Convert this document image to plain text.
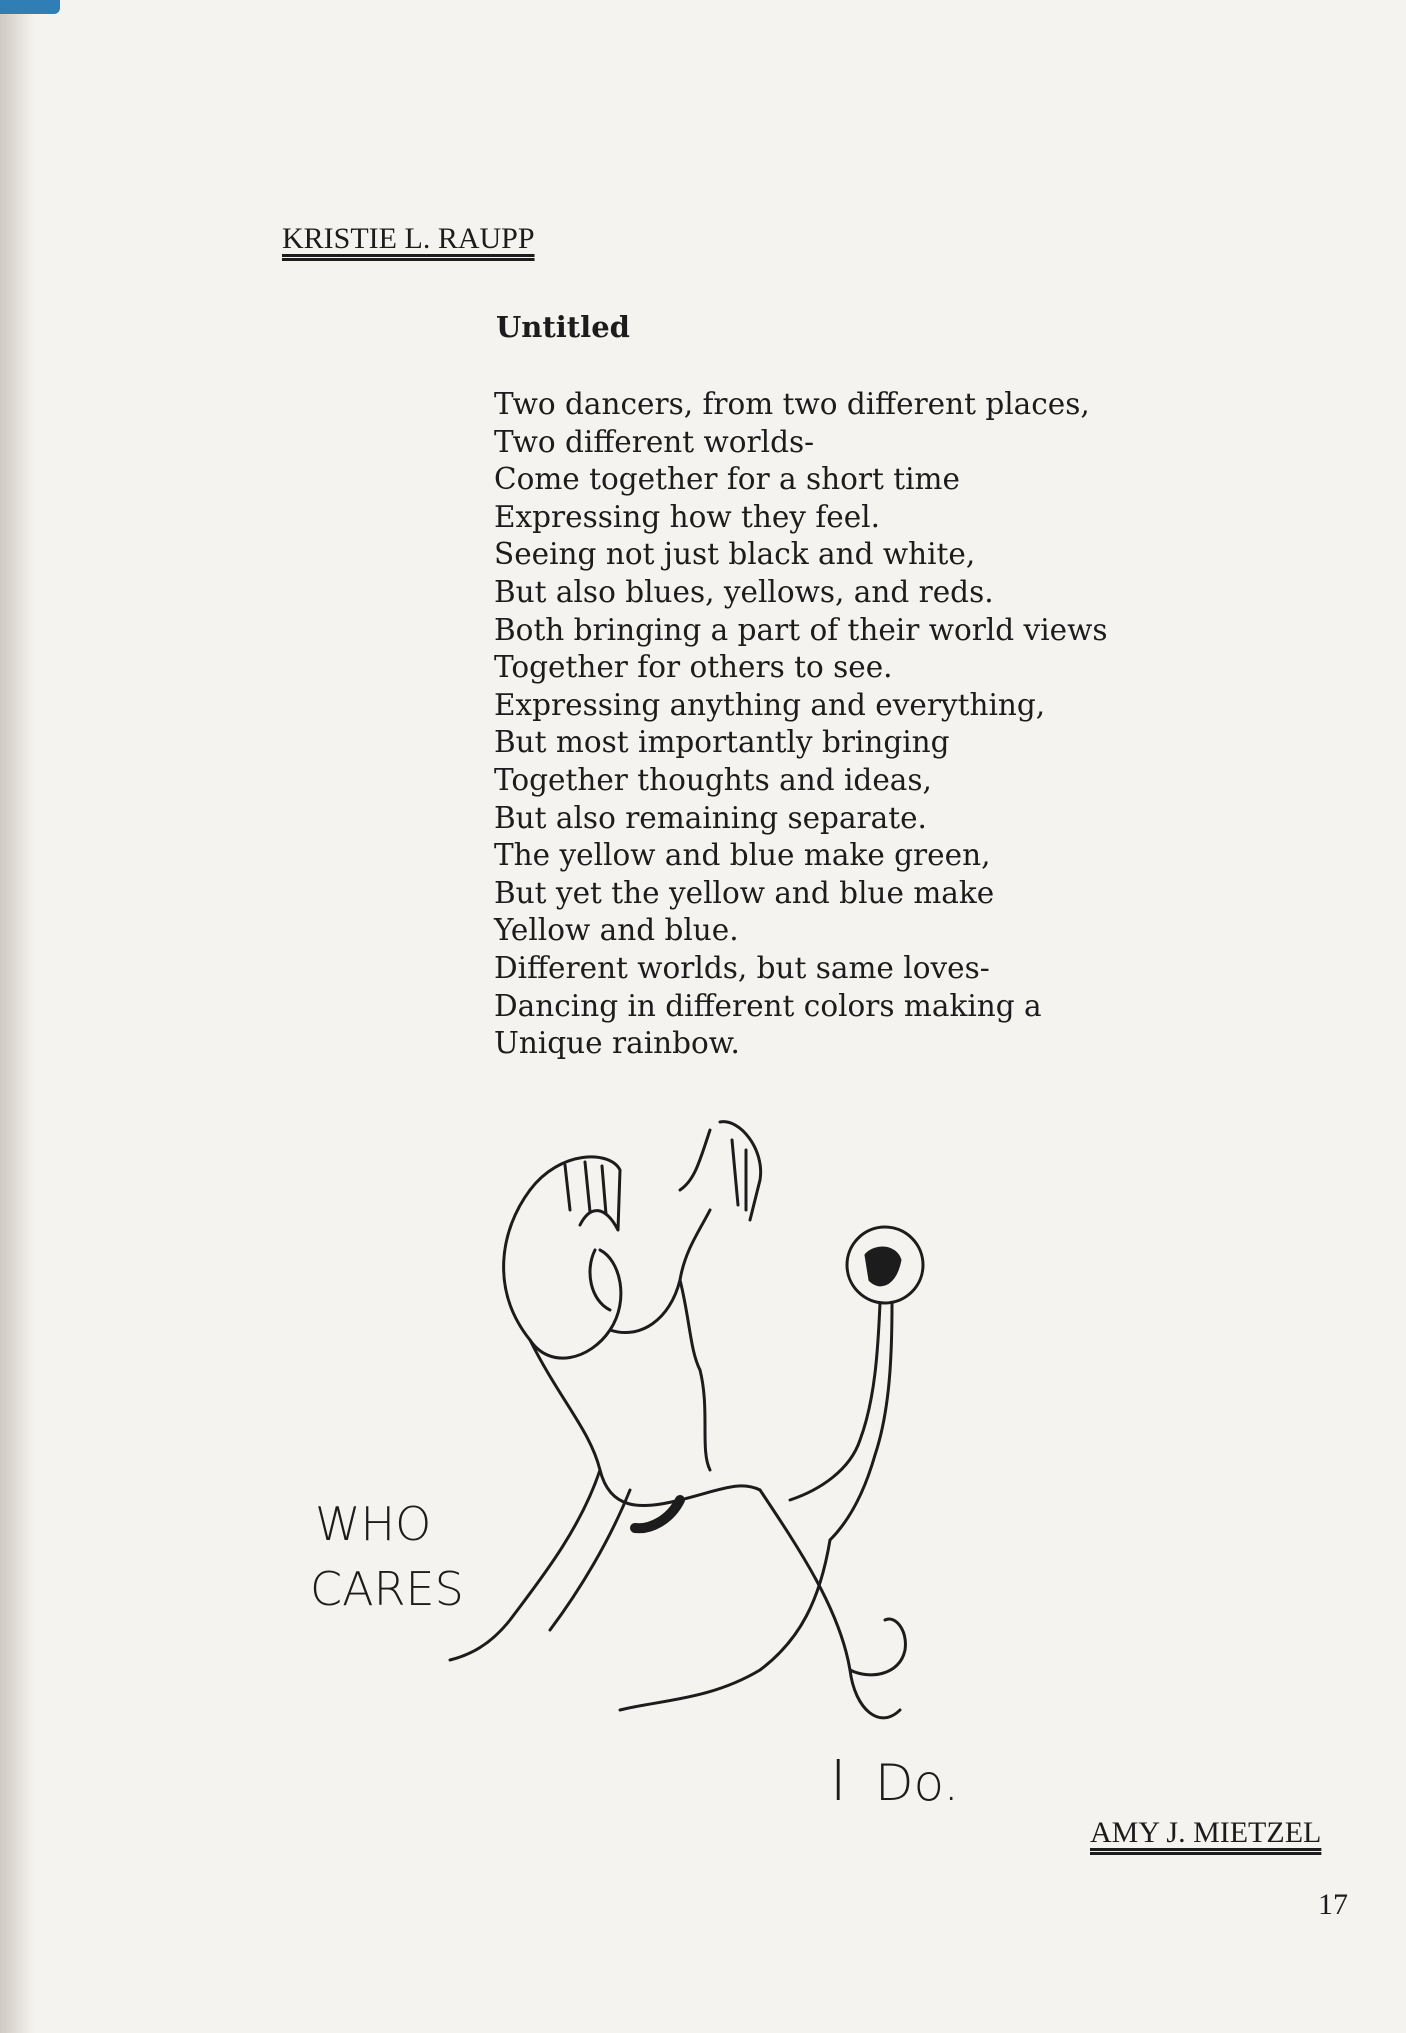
KRISTIE L. RAUPP
Untitled
Two dancers, from two different places,
Two different worlds-
Come together for a short time
Expressing how they feel.
Seeing not just black and white,
But also blues, yellows, and reds.
Both bringing a part of their world views
Together for others to see.
Expressing anything and everything,
But most importantly bringing
Together thoughts and ideas,
But also remaining separate.
The yellow and blue make green,
But yet the yellow and blue make
Yellow and blue.
Different worlds, but same loves-
Dancing in different colors making a
Unique rainbow.
WHO
CARES
I Do.
AMY J. MIETZEL
17
